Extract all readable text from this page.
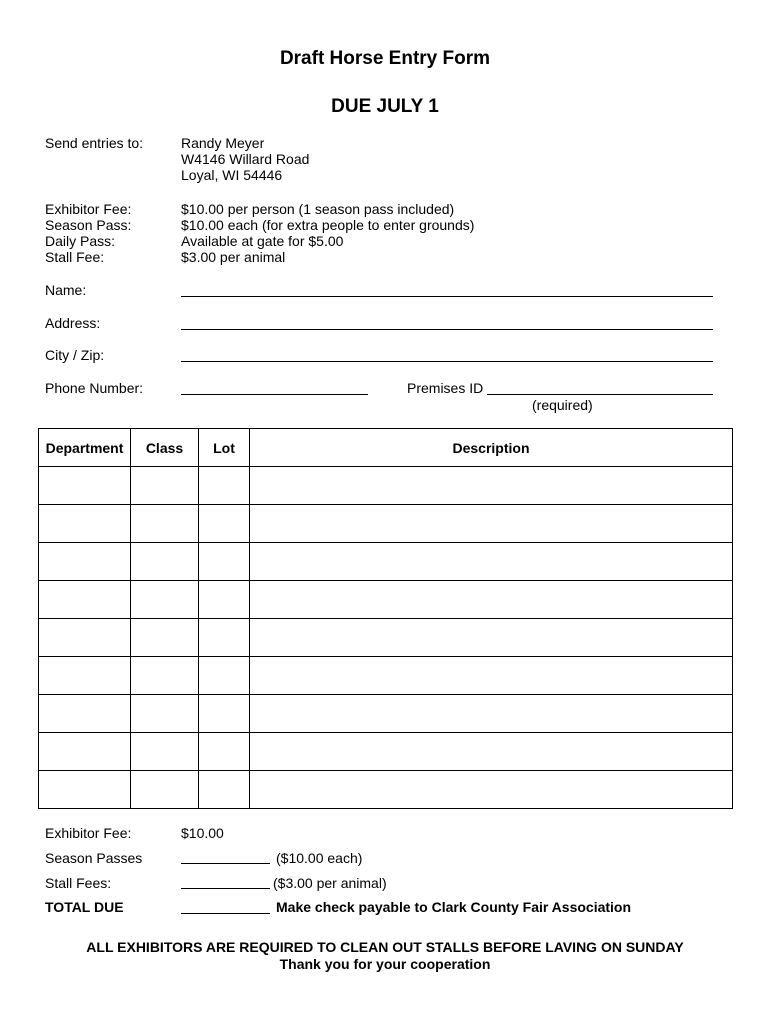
Draft Horse Entry Form
DUE JULY 1
Send entries to:	Randy Meyer
W4146 Willard Road
Loyal, WI 54446
Exhibitor Fee:	$10.00 per person (1 season pass included)
Season Pass:	$10.00 each (for extra people to enter grounds)
Daily Pass:	Available at gate for $5.00
Stall Fee:	$3.00 per animal
Name:
Address:
City / Zip:
Phone Number:	Premises ID
(required)
Department	Class	Lot	Description

Exhibitor Fee:	$10.00
Season Passes	($10.00 each)
Stall Fees:	($3.00 per animal)
TOTAL DUE	Make check payable to Clark County Fair Association
ALL EXHIBITORS ARE REQUIRED TO CLEAN OUT STALLS BEFORE LAVING ON SUNDAY
Thank you for your cooperation
